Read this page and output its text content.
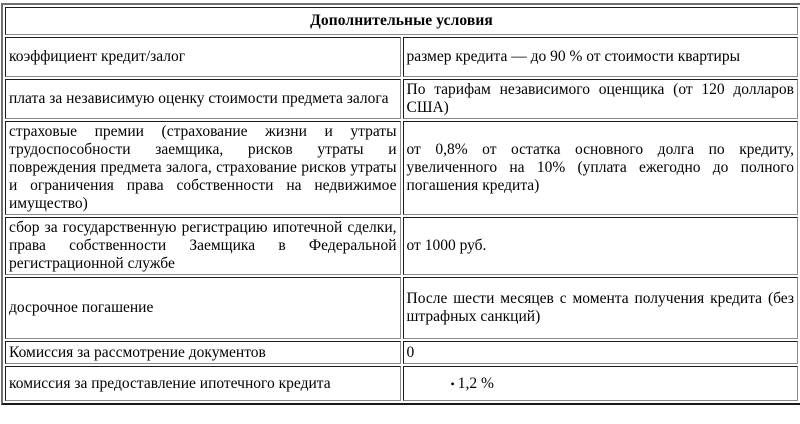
Дополнительные условия	
коэффициент кредит/залог	размер кредита — до 90 % от стоимости квартиры
плата за независимую оценку стоимости предмета залога	По тарифам независимого оценщика (от 120 долларов США)
страховые премии (страхование жизни и утраты трудоспособности заемщика, рисков утраты и повреждения предмета залога, страхование рисков утраты и ограничения права собственности на недвижимое имущество)	от 0,8% от остатка основного долга по кредиту, увеличенного на 10% (уплата ежегодно до полного погашения кредита)
сбор за государственную регистрацию ипотечной сделки, права собственности Заемщика в Федеральной регистрационной службе	от 1000 руб.
досрочное погашение	После шести месяцев с момента получения кредита (без штрафных санкций)
Комиссия за рассмотрение документов	0
комиссия за предоставление ипотечного кредита	• 1,2 %
